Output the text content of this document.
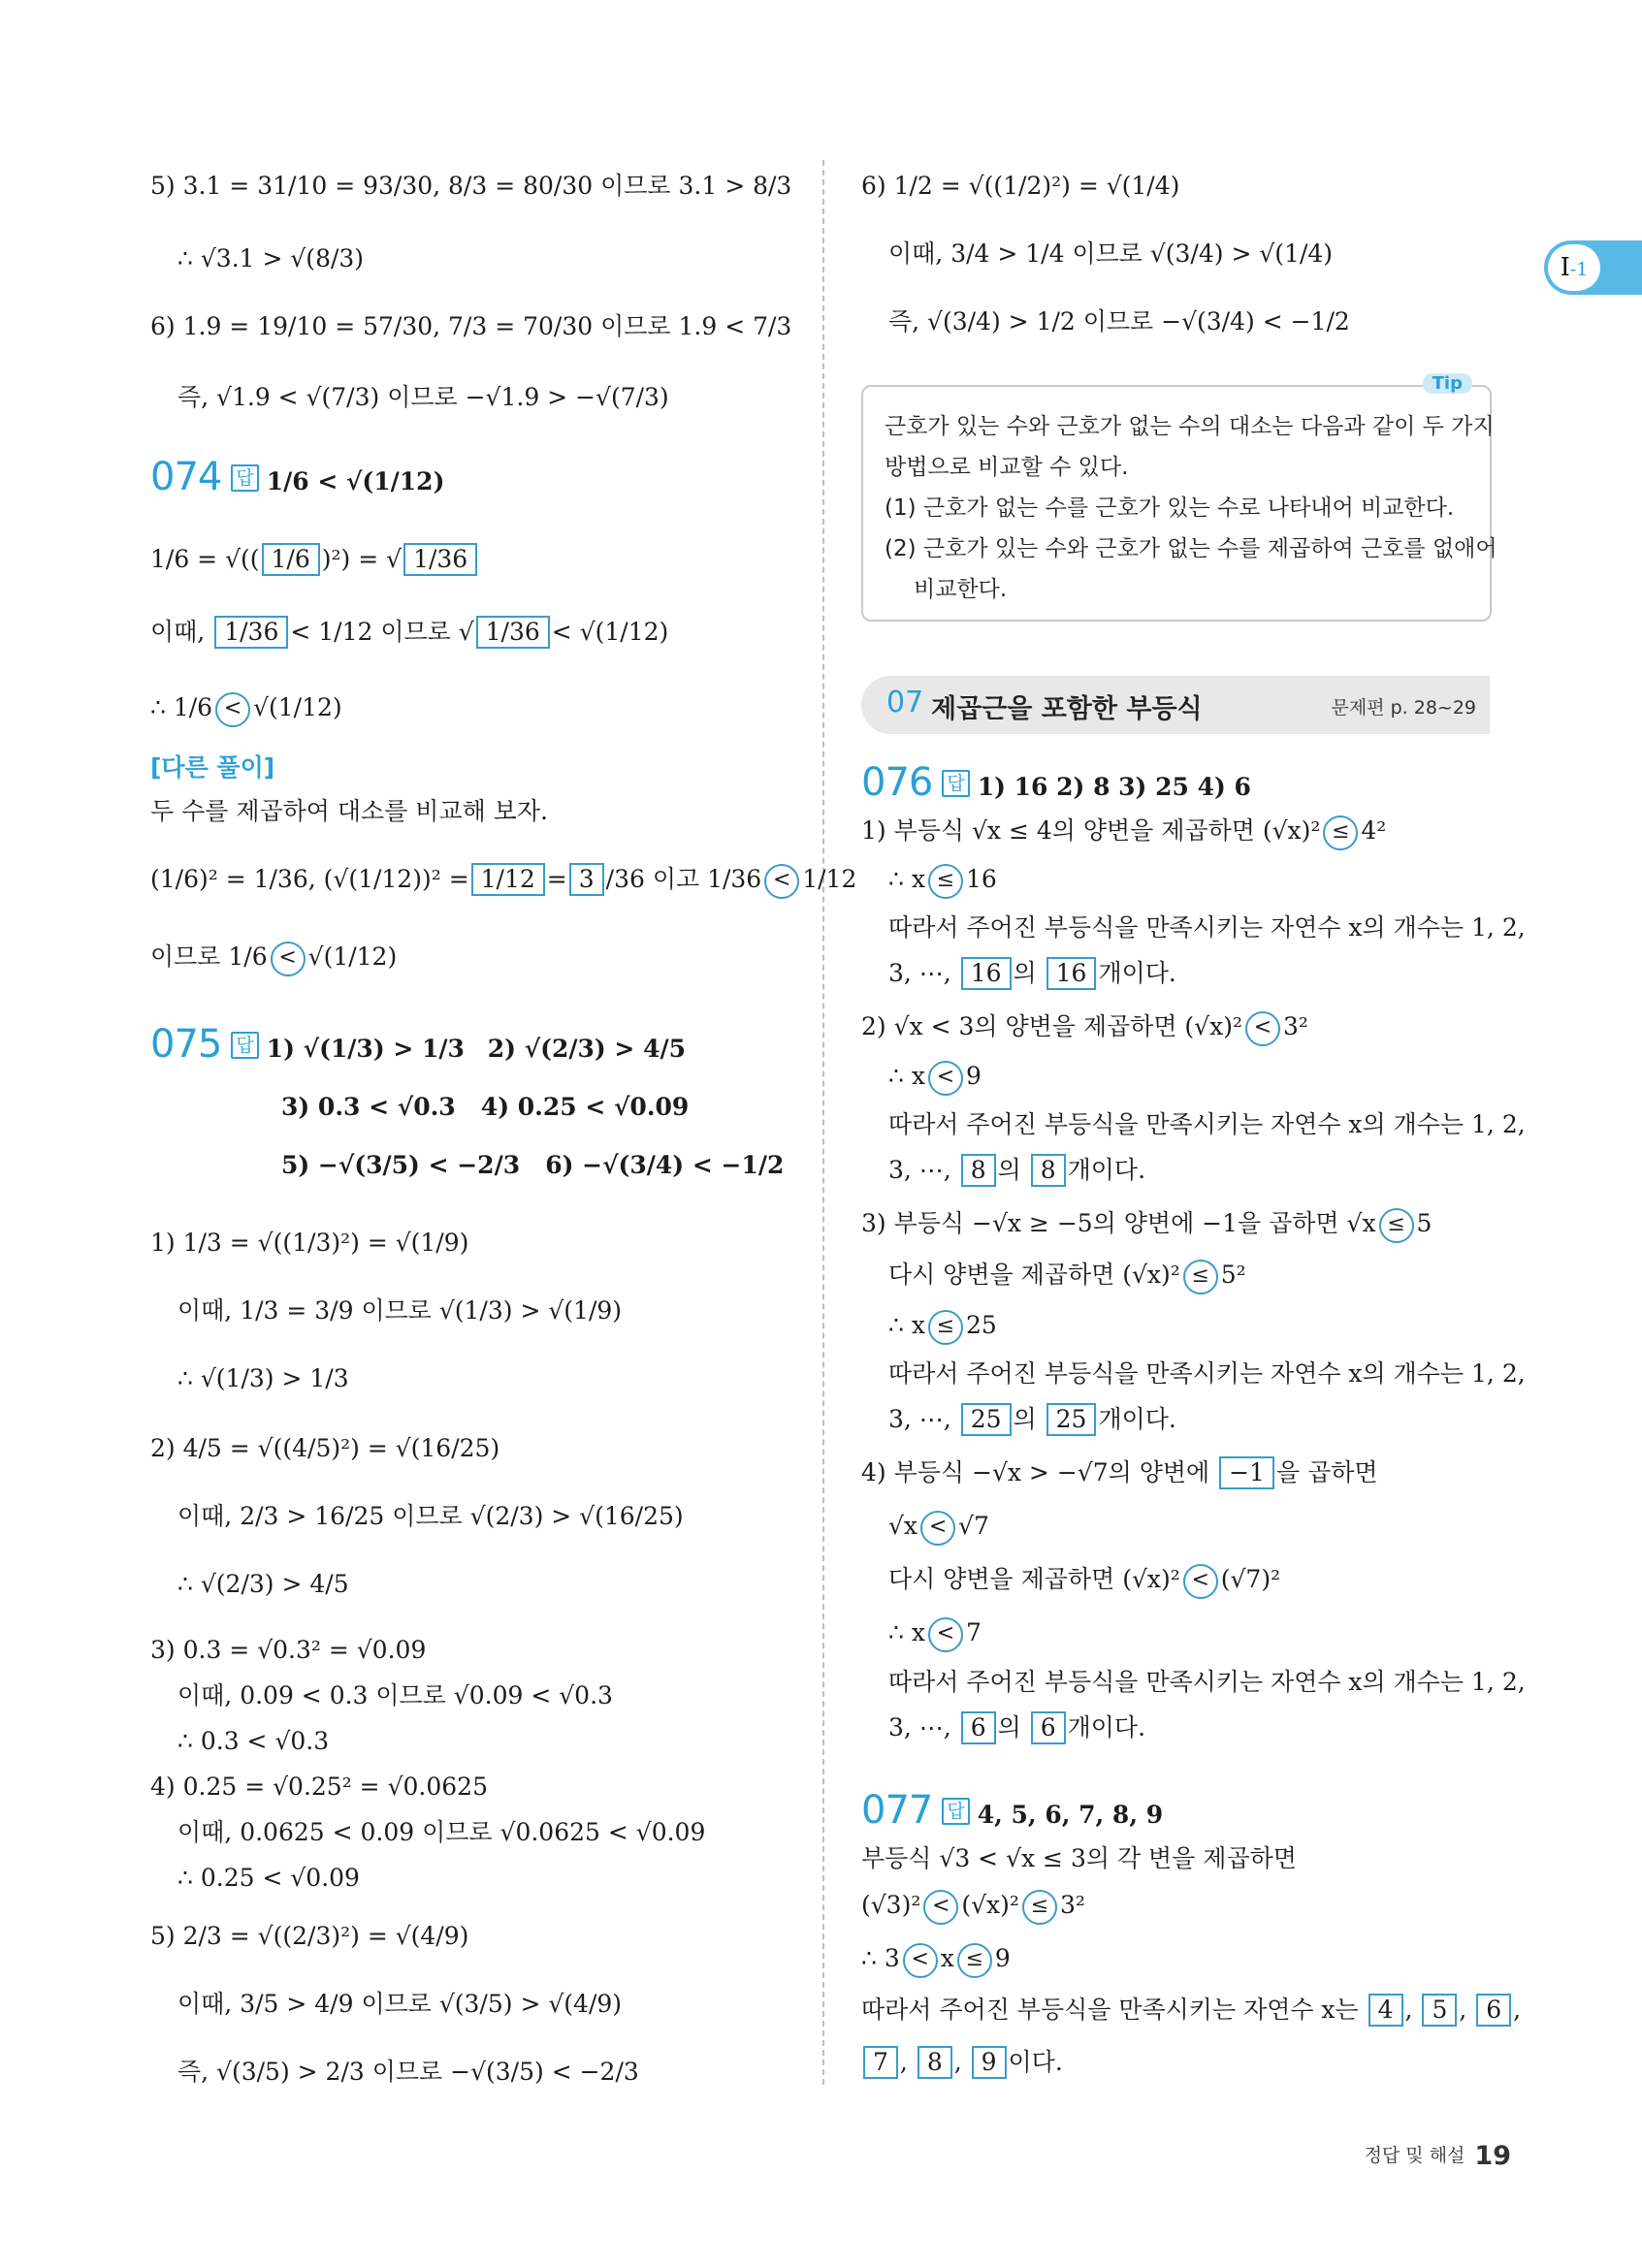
I-1
5) 3.1 = 31/10 = 93/30, 8/3 = 80/30 이므로 3.1 > 8/3
∴ √3.1 > √(8/3)
6) 1.9 = 19/10 = 57/30, 7/3 = 70/30 이므로 1.9 < 7/3
즉, √1.9 < √(7/3) 이므로 −√1.9 > −√(7/3)
074 답 1/6 < √(1/12)
1/6 = √(( 1/6 )²) = √ 1/36
이때, 1/36 < 1/12 이므로 √ 1/36 < √(1/12)
∴ 1/6 < √(1/12)
[다른 풀이]
두 수를 제곱하여 대소를 비교해 보자.
(1/6)² = 1/36, (√(1/12))² = 1/12 = 3 /36 이고 1/36 < 1/12
이므로 1/6 < √(1/12)
075 답 1) √(1/3) > 1/3 2) √(2/3) > 4/5
3) 0.3 < √0.3 4) 0.25 < √0.09
5) −√(3/5) < −2/3 6) −√(3/4) < −1/2
1) 1/3 = √((1/3)²) = √(1/9)
이때, 1/3 = 3/9 이므로 √(1/3) > √(1/9)
∴ √(1/3) > 1/3
2) 4/5 = √((4/5)²) = √(16/25)
이때, 2/3 > 16/25 이므로 √(2/3) > √(16/25)
∴ √(2/3) > 4/5
3) 0.3 = √0.3² = √0.09
이때, 0.09 < 0.3 이므로 √0.09 < √0.3
∴ 0.3 < √0.3
4) 0.25 = √0.25² = √0.0625
이때, 0.0625 < 0.09 이므로 √0.0625 < √0.09
∴ 0.25 < √0.09
5) 2/3 = √((2/3)²) = √(4/9)
이때, 3/5 > 4/9 이므로 √(3/5) > √(4/9)
즉, √(3/5) > 2/3 이므로 −√(3/5) < −2/3
6) 1/2 = √((1/2)²) = √(1/4)
이때, 3/4 > 1/4 이므로 √(3/4) > √(1/4)
즉, √(3/4) > 1/2 이므로 −√(3/4) < −1/2
Tip
근호가 있는 수와 근호가 없는 수의 대소는 다음과 같이 두 가지
방법으로 비교할 수 있다.
(1) 근호가 없는 수를 근호가 있는 수로 나타내어 비교한다.
(2) 근호가 있는 수와 근호가 없는 수를 제곱하여 근호를 없애어
비교한다.
07 제곱근을 포함한 부등식	문제편 p. 28~29
076 답 1) 16 2) 8 3) 25 4) 6
1) 부등식 √x ≤ 4의 양변을 제곱하면 (√x)² ≤ 4²
∴ x ≤ 16
따라서 주어진 부등식을 만족시키는 자연수 x의 개수는 1, 2,
3, ⋯, 16 의 16 개이다.
2) √x < 3의 양변을 제곱하면 (√x)² < 3²
∴ x < 9
따라서 주어진 부등식을 만족시키는 자연수 x의 개수는 1, 2,
3, ⋯, 8 의 8 개이다.
3) 부등식 −√x ≥ −5의 양변에 −1을 곱하면 √x ≤ 5
다시 양변을 제곱하면 (√x)² ≤ 5²
∴ x ≤ 25
따라서 주어진 부등식을 만족시키는 자연수 x의 개수는 1, 2,
3, ⋯, 25 의 25 개이다.
4) 부등식 −√x > −√7의 양변에 −1 을 곱하면
√x < √7
다시 양변을 제곱하면 (√x)² < (√7)²
∴ x < 7
따라서 주어진 부등식을 만족시키는 자연수 x의 개수는 1, 2,
3, ⋯, 6 의 6 개이다.
077 답 4, 5, 6, 7, 8, 9
부등식 √3 < √x ≤ 3의 각 변을 제곱하면
(√3)² < (√x)² ≤ 3²
∴ 3 < x ≤ 9
따라서 주어진 부등식을 만족시키는 자연수 x는 4 , 5 , 6 ,
7 , 8 , 9 이다.
정답 및 해설 19
